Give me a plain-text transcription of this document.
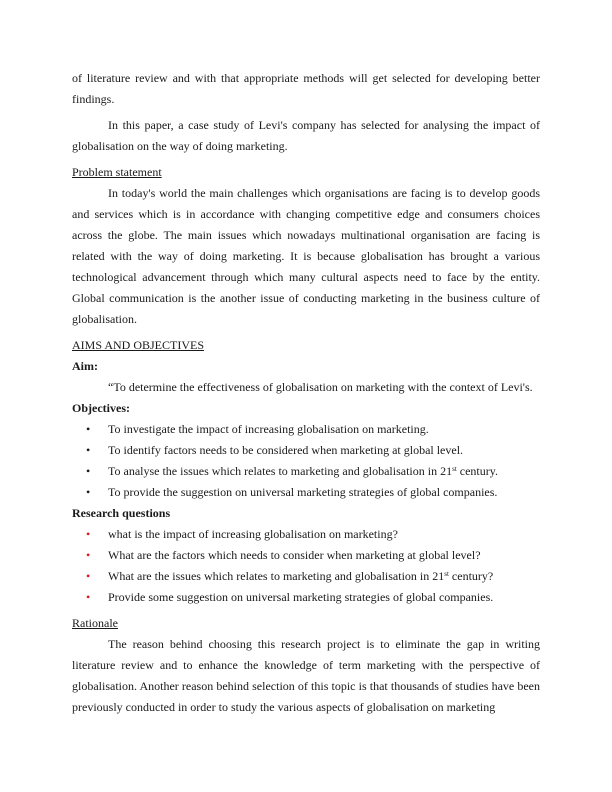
of literature review and with that appropriate methods will get selected for developing better findings.

In this paper, a case study of Levi's company has selected for analysing the impact of globalisation on the way of doing marketing.

Problem statement

In today's world the main challenges which organisations are facing is to develop goods and services which is in accordance with changing competitive edge and consumers choices across the globe. The main issues which nowadays multinational organisation are facing is related with the way of doing marketing. It is because globalisation has brought a various technological advancement through which many cultural aspects need to face by the entity. Global communication is the another issue of conducting marketing in the business culture of globalisation.

AIMS AND OBJECTIVES

Aim:

“To determine the effectiveness of globalisation on marketing with the context of Levi's.

Objectives:

• To investigate the impact of increasing globalisation on marketing.
• To identify factors needs to be considered when marketing at global level.
• To analyse the issues which relates to marketing and globalisation in 21st century.
• To provide the suggestion on universal marketing strategies of global companies.

Research questions

• what is the impact of increasing globalisation on marketing?
• What are the factors which needs to consider when marketing at global level?
• What are the issues which relates to marketing and globalisation in 21st century?
• Provide some suggestion on universal marketing strategies of global companies.

Rationale

The reason behind choosing this research project is to eliminate the gap in writing literature review and to enhance the knowledge of term marketing with the perspective of globalisation. Another reason behind selection of this topic is that thousands of studies have been previously conducted in order to study the various aspects of globalisation on marketing
